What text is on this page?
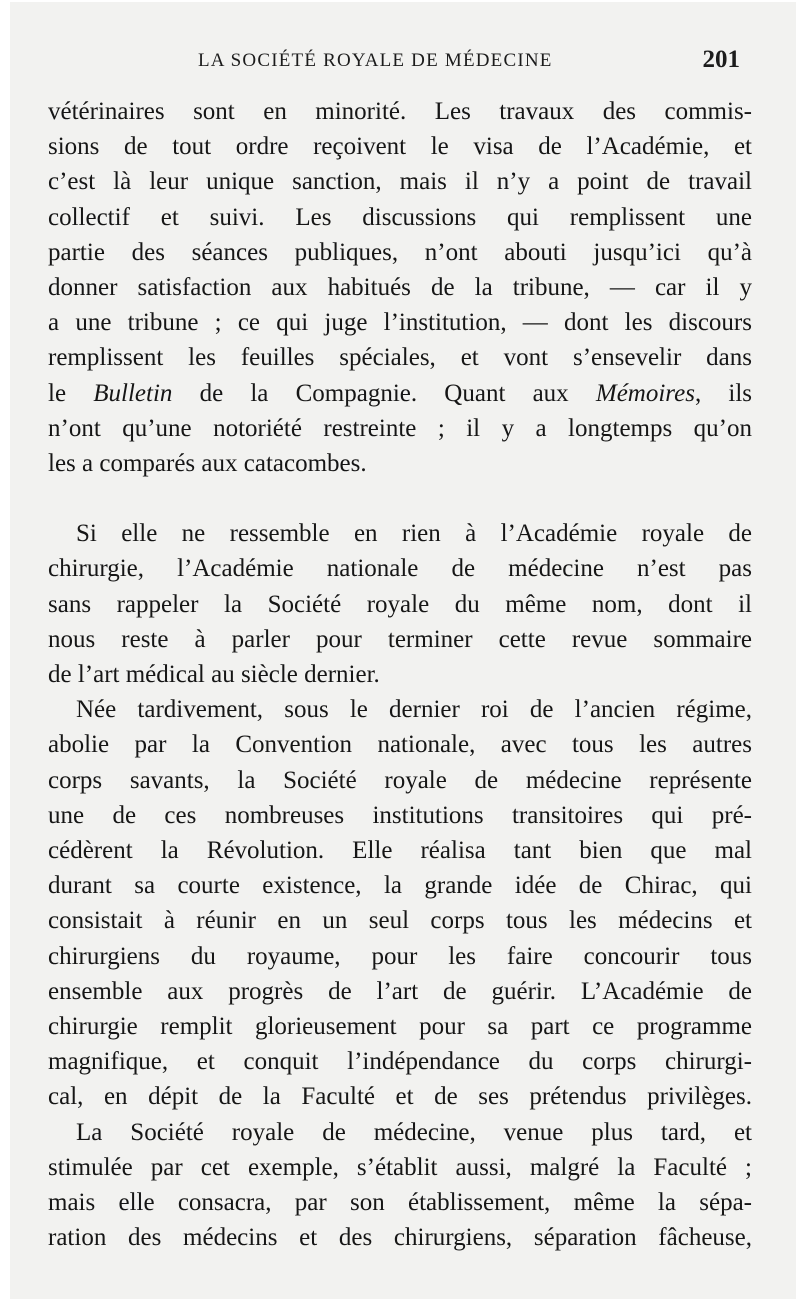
LA SOCIÉTÉ ROYALE DE MÉDECINE	201
vétérinaires sont en minorité. Les travaux des commis-
sions de tout ordre reçoivent le visa de l’Académie, et
c’est là leur unique sanction, mais il n’y a point de travail
collectif et suivi. Les discussions qui remplissent une
partie des séances publiques, n’ont abouti jusqu’ici qu’à
donner satisfaction aux habitués de la tribune, — car il y
a une tribune ; ce qui juge l’institution, — dont les discours
remplissent les feuilles spéciales, et vont s’ensevelir dans
le Bulletin de la Compagnie. Quant aux Mémoires, ils
n’ont qu’une notoriété restreinte ; il y a longtemps qu’on
les a comparés aux catacombes.
Si elle ne ressemble en rien à l’Académie royale de
chirurgie, l’Académie nationale de médecine n’est pas
sans rappeler la Société royale du même nom, dont il
nous reste à parler pour terminer cette revue sommaire
de l’art médical au siècle dernier.
Née tardivement, sous le dernier roi de l’ancien régime,
abolie par la Convention nationale, avec tous les autres
corps savants, la Société royale de médecine représente
une de ces nombreuses institutions transitoires qui pré-
cédèrent la Révolution. Elle réalisa tant bien que mal
durant sa courte existence, la grande idée de Chirac, qui
consistait à réunir en un seul corps tous les médecins et
chirurgiens du royaume, pour les faire concourir tous
ensemble aux progrès de l’art de guérir. L’Académie de
chirurgie remplit glorieusement pour sa part ce programme
magnifique, et conquit l’indépendance du corps chirurgi-
cal, en dépit de la Faculté et de ses prétendus privilèges.
La Société royale de médecine, venue plus tard, et
stimulée par cet exemple, s’établit aussi, malgré la Faculté ;
mais elle consacra, par son établissement, même la sépa-
ration des médecins et des chirurgiens, séparation fâcheuse,
